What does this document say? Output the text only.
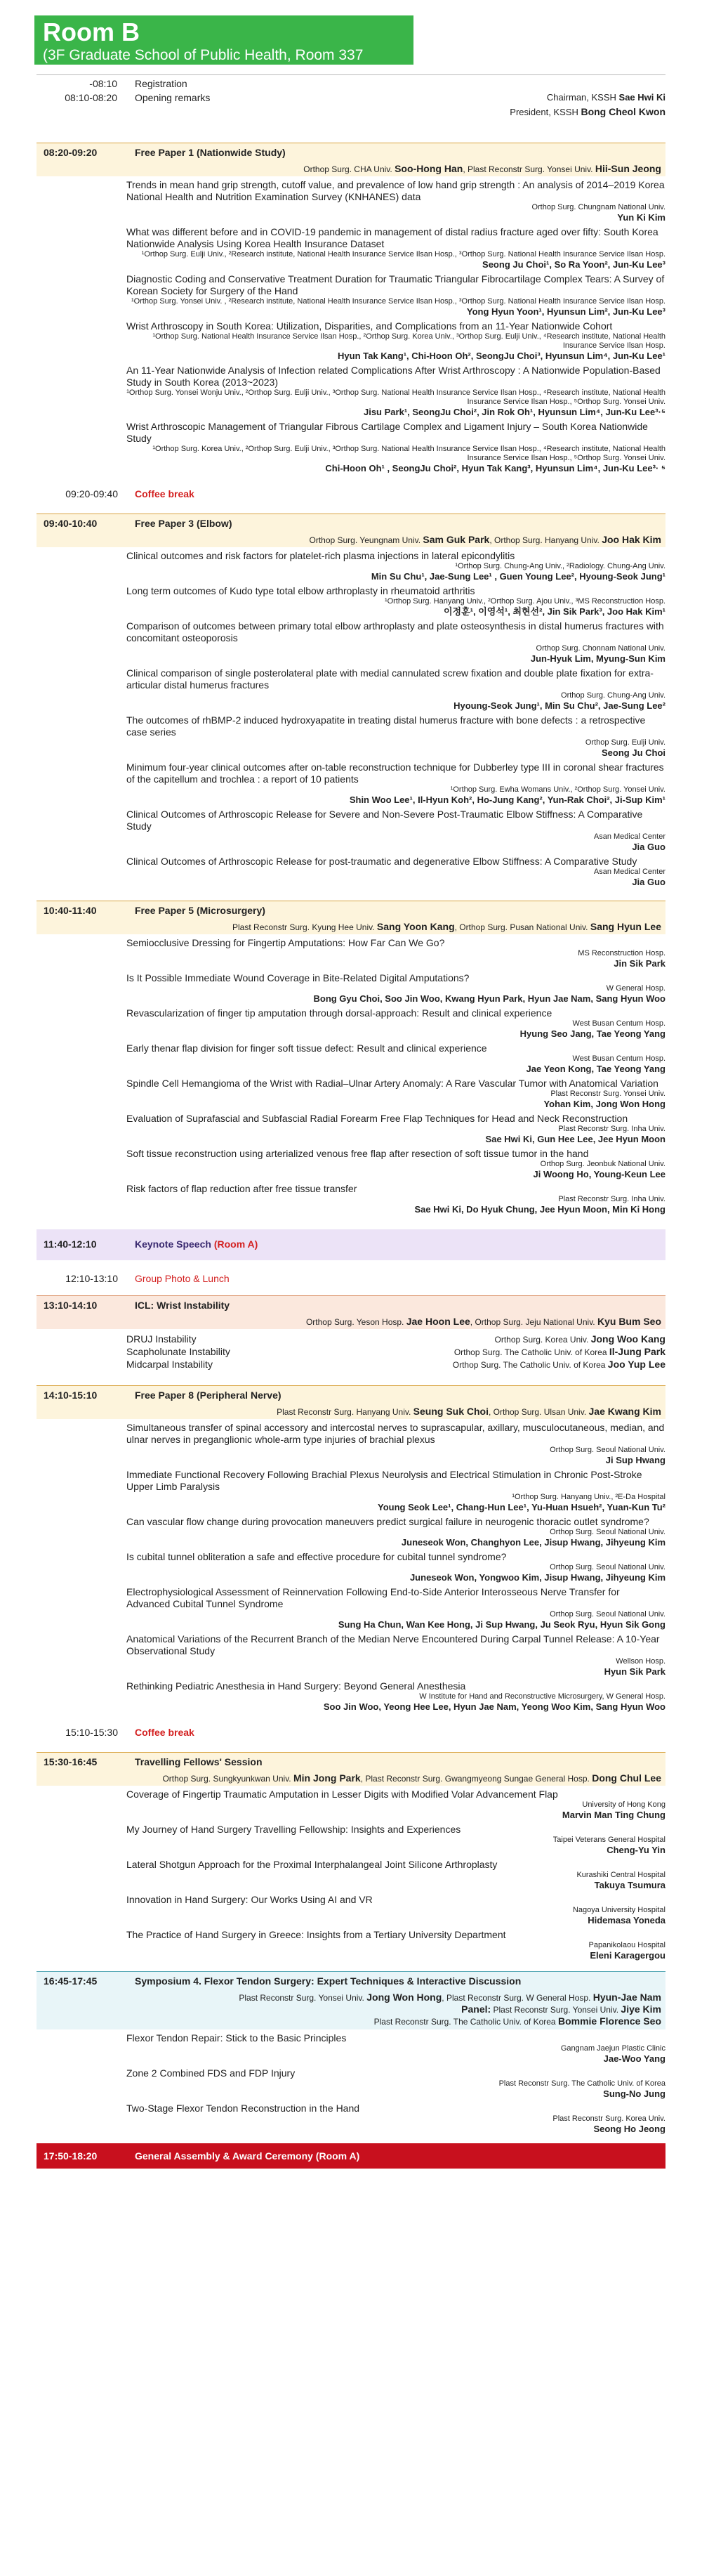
Room B
(3F Graduate School of Public Health, Room 337
-08:10 Registration
08:10-08:20 Opening remarks	Chairman, KSSH Sae Hwi Ki
President, KSSH Bong Cheol Kwon
08:20-09:20	Free Paper 1 (Nationwide Study)
Orthop Surg. CHA Univ. Soo-Hong Han, Plast Reconstr Surg. Yonsei Univ. Hii-Sun Jeong
Trends in mean hand grip strength, cutoff value, and prevalence of low hand grip strength : An analysis of 2014–2019 Korea National Health and Nutrition Examination Survey (KNHANES) data
Orthop Surg. Chungnam National Univ.
Yun Ki Kim
What was different before and in COVID-19 pandemic in management of distal radius fracture aged over fifty: South Korea Nationwide Analysis Using Korea Health Insurance Dataset
¹Orthop Surg. Eulji Univ., ²Research institute, National Health Insurance Service Ilsan Hosp., ³Orthop Surg. National Health Insurance Service Ilsan Hosp.
Seong Ju Choi¹, So Ra Yoon², Jun-Ku Lee³
Diagnostic Coding and Conservative Treatment Duration for Traumatic Triangular Fibrocartilage Complex Tears: A Survey of Korean Society for Surgery of the Hand
¹Orthop Surg. Yonsei Univ. , ²Research institute, National Health Insurance Service Ilsan Hosp., ³Orthop Surg. National Health Insurance Service Ilsan Hosp.
Yong Hyun Yoon¹, Hyunsun Lim², Jun-Ku Lee³
Wrist Arthroscopy in South Korea: Utilization, Disparities, and Complications from an 11-Year Nationwide Cohort
¹Orthop Surg. National Health Insurance Service Ilsan Hosp., ²Orthop Surg. Korea Univ., ³Orthop Surg. Eulji Univ., ⁴Research institute, National Health Insurance Service Ilsan Hosp.
Hyun Tak Kang¹, Chi-Hoon Oh², SeongJu Choi³, Hyunsun Lim⁴, Jun-Ku Lee¹
An 11-Year Nationwide Analysis of Infection related Complications After Wrist Arthroscopy : A Nationwide Population-Based Study in South Korea (2013~2023)
¹Orthop Surg. Yonsei Wonju Univ., ²Orthop Surg. Eulji Univ., ³Orthop Surg. National Health Insurance Service Ilsan Hosp., ⁴Research institute, National Health Insurance Service Ilsan Hosp., ⁵Orthop Surg. Yonsei Univ.
Jisu Park¹, SeongJu Choi², Jin Rok Oh¹, Hyunsun Lim⁴, Jun-Ku Lee³·⁵
Wrist Arthroscopic Management of Triangular Fibrous Cartilage Complex and Ligament Injury – South Korea Nationwide Study
¹Orthop Surg. Korea Univ., ²Orthop Surg. Eulji Univ., ³Orthop Surg. National Health Insurance Service Ilsan Hosp., ⁴Research institute, National Health Insurance Service Ilsan Hosp., ⁵Orthop Surg. Yonsei Univ.
Chi-Hoon Oh¹ , SeongJu Choi², Hyun Tak Kang³, Hyunsun Lim⁴, Jun-Ku Lee³· ⁵
09:20-09:40 Coffee break
09:40-10:40	Free Paper 3 (Elbow)
Orthop Surg. Yeungnam Univ. Sam Guk Park, Orthop Surg. Hanyang Univ. Joo Hak Kim
Clinical outcomes and risk factors for platelet-rich plasma injections in lateral epicondylitis
¹Orthop Surg. Chung-Ang Univ., ²Radiology. Chung-Ang Univ.
Min Su Chu¹, Jae-Sung Lee¹ , Guen Young Lee², Hyoung-Seok Jung¹
Long term outcomes of Kudo type total elbow arthroplasty in rheumatoid arthritis
¹Orthop Surg. Hanyang Univ., ²Orthop Surg. Ajou Univ., ³MS Reconstruction Hosp.
이정훈¹, 이영석¹, 최현선², Jin Sik Park³, Joo Hak Kim¹
Comparison of outcomes between primary total elbow arthroplasty and plate osteosynthesis in distal humerus fractures with concomitant osteoporosis
Orthop Surg. Chonnam National Univ.
Jun-Hyuk Lim, Myung-Sun Kim
Clinical comparison of single posterolateral plate with medial cannulated screw fixation and double plate fixation for extra-articular distal humerus fractures
Orthop Surg. Chung-Ang Univ.
Hyoung-Seok Jung¹, Min Su Chu², Jae-Sung Lee²
The outcomes of rhBMP-2 induced hydroxyapatite in treating distal humerus fracture with bone defects : a retrospective case series
Orthop Surg. Eulji Univ.
Seong Ju Choi
Minimum four-year clinical outcomes after on-table reconstruction technique for Dubberley type III in coronal shear fractures of the capitellum and trochlea : a report of 10 patients
¹Orthop Surg. Ewha Womans Univ., ²Orthop Surg. Yonsei Univ.
Shin Woo Lee¹, Il-Hyun Koh², Ho-Jung Kang², Yun-Rak Choi², Ji-Sup Kim¹
Clinical Outcomes of Arthroscopic Release for Severe and Non-Severe Post-Traumatic Elbow Stiffness: A Comparative Study
Asan Medical Center
Jia Guo
Clinical Outcomes of Arthroscopic Release for post-traumatic and degenerative Elbow Stiffness: A Comparative Study
Asan Medical Center
Jia Guo
10:40-11:40	Free Paper 5 (Microsurgery)
Plast Reconstr Surg. Kyung Hee Univ. Sang Yoon Kang, Orthop Surg. Pusan National Univ. Sang Hyun Lee
Semiocclusive Dressing for Fingertip Amputations: How Far Can We Go?
MS Reconstruction Hosp.
Jin Sik Park
Is It Possible Immediate Wound Coverage in Bite-Related Digital Amputations?
W General Hosp.
Bong Gyu Choi, Soo Jin Woo, Kwang Hyun Park, Hyun Jae Nam, Sang Hyun Woo
Revascularization of finger tip amputation through dorsal-approach: Result and clinical experience
West Busan Centum Hosp.
Hyung Seo Jang, Tae Yeong Yang
Early thenar flap division for finger soft tissue defect: Result and clinical experience
West Busan Centum Hosp.
Jae Yeon Kong, Tae Yeong Yang
Spindle Cell Hemangioma of the Wrist with Radial–Ulnar Artery Anomaly: A Rare Vascular Tumor with Anatomical Variation
Plast Reconstr Surg. Yonsei Univ.
Yohan Kim, Jong Won Hong
Evaluation of Suprafascial and Subfascial Radial Forearm Free Flap Techniques for Head and Neck Reconstruction
Plast Reconstr Surg. Inha Univ.
Sae Hwi Ki, Gun Hee Lee, Jee Hyun Moon
Soft tissue reconstruction using arterialized venous free flap after resection of soft tissue tumor in the hand
Orthop Surg. Jeonbuk National Univ.
Ji Woong Ho, Young-Keun Lee
Risk factors of flap reduction after free tissue transfer
Plast Reconstr Surg. Inha Univ.
Sae Hwi Ki, Do Hyuk Chung, Jee Hyun Moon, Min Ki Hong
11:40-12:10	Keynote Speech (Room A)
12:10-13:10 Group Photo & Lunch
13:10-14:10	ICL: Wrist Instability
Orthop Surg. Yeson Hosp. Jae Hoon Lee, Orthop Surg. Jeju National Univ. Kyu Bum Seo
DRUJ Instability	Orthop Surg. Korea Univ. Jong Woo Kang
Scapholunate Instability	Orthop Surg. The Catholic Univ. of Korea Il-Jung Park
Midcarpal Instability	Orthop Surg. The Catholic Univ. of Korea Joo Yup Lee
14:10-15:10	Free Paper 8 (Peripheral Nerve)
Plast Reconstr Surg. Hanyang Univ. Seung Suk Choi, Orthop Surg. Ulsan Univ. Jae Kwang Kim
Simultaneous transfer of spinal accessory and intercostal nerves to suprascapular, axillary, musculocutaneous, median, and ulnar nerves in preganglionic whole-arm type injuries of brachial plexus
Orthop Surg. Seoul National Univ.
Ji Sup Hwang
Immediate Functional Recovery Following Brachial Plexus Neurolysis and Electrical Stimulation in Chronic Post-Stroke Upper Limb Paralysis
¹Orthop Surg. Hanyang Univ., ²E-Da Hospital
Young Seok Lee¹, Chang-Hun Lee¹, Yu-Huan Hsueh², Yuan-Kun Tu²
Can vascular flow change during provocation maneuvers predict surgical failure in neurogenic thoracic outlet syndrome?
Orthop Surg. Seoul National Univ.
Juneseok Won, Changhyon Lee, Jisup Hwang, Jihyeung Kim
Is cubital tunnel obliteration a safe and effective procedure for cubital tunnel syndrome?
Orthop Surg. Seoul National Univ.
Juneseok Won, Yongwoo Kim, Jisup Hwang, Jihyeung Kim
Electrophysiological Assessment of Reinnervation Following End-to-Side Anterior Interosseous Nerve Transfer for Advanced Cubital Tunnel Syndrome
Orthop Surg. Seoul National Univ.
Sung Ha Chun, Wan Kee Hong, Ji Sup Hwang, Ju Seok Ryu, Hyun Sik Gong
Anatomical Variations of the Recurrent Branch of the Median Nerve Encountered During Carpal Tunnel Release: A 10-Year Observational Study
Wellson Hosp.
Hyun Sik Park
Rethinking Pediatric Anesthesia in Hand Surgery: Beyond General Anesthesia
W Institute for Hand and Reconstructive Microsurgery, W General Hosp.
Soo Jin Woo, Yeong Hee Lee, Hyun Jae Nam, Yeong Woo Kim, Sang Hyun Woo
15:10-15:30 Coffee break
15:30-16:45	Travelling Fellows' Session
Orthop Surg. Sungkyunkwan Univ. Min Jong Park, Plast Reconstr Surg. Gwangmyeong Sungae General Hosp. Dong Chul Lee
Coverage of Fingertip Traumatic Amputation in Lesser Digits with Modified Volar Advancement Flap
University of Hong Kong
Marvin Man Ting Chung
My Journey of Hand Surgery Travelling Fellowship: Insights and Experiences
Taipei Veterans General Hospital
Cheng-Yu Yin
Lateral Shotgun Approach for the Proximal Interphalangeal Joint Silicone Arthroplasty
Kurashiki Central Hospital
Takuya Tsumura
Innovation in Hand Surgery: Our Works Using AI and VR
Nagoya University Hospital
Hidemasa Yoneda
The Practice of Hand Surgery in Greece: Insights from a Tertiary University Department
Papanikolaou Hospital
Eleni Karagergou
16:45-17:45	Symposium 4. Flexor Tendon Surgery: Expert Techniques & Interactive Discussion
Plast Reconstr Surg. Yonsei Univ. Jong Won Hong, Plast Reconstr Surg. W General Hosp. Hyun-Jae Nam
Panel: Plast Reconstr Surg. Yonsei Univ. Jiye Kim
Plast Reconstr Surg. The Catholic Univ. of Korea Bommie Florence Seo
Flexor Tendon Repair: Stick to the Basic Principles
Gangnam Jaejun Plastic Clinic
Jae-Woo Yang
Zone 2 Combined FDS and FDP Injury
Plast Reconstr Surg. The Catholic Univ. of Korea
Sung-No Jung
Two-Stage Flexor Tendon Reconstruction in the Hand
Plast Reconstr Surg. Korea Univ.
Seong Ho Jeong
17:50-18:20	General Assembly & Award Ceremony (Room A)
